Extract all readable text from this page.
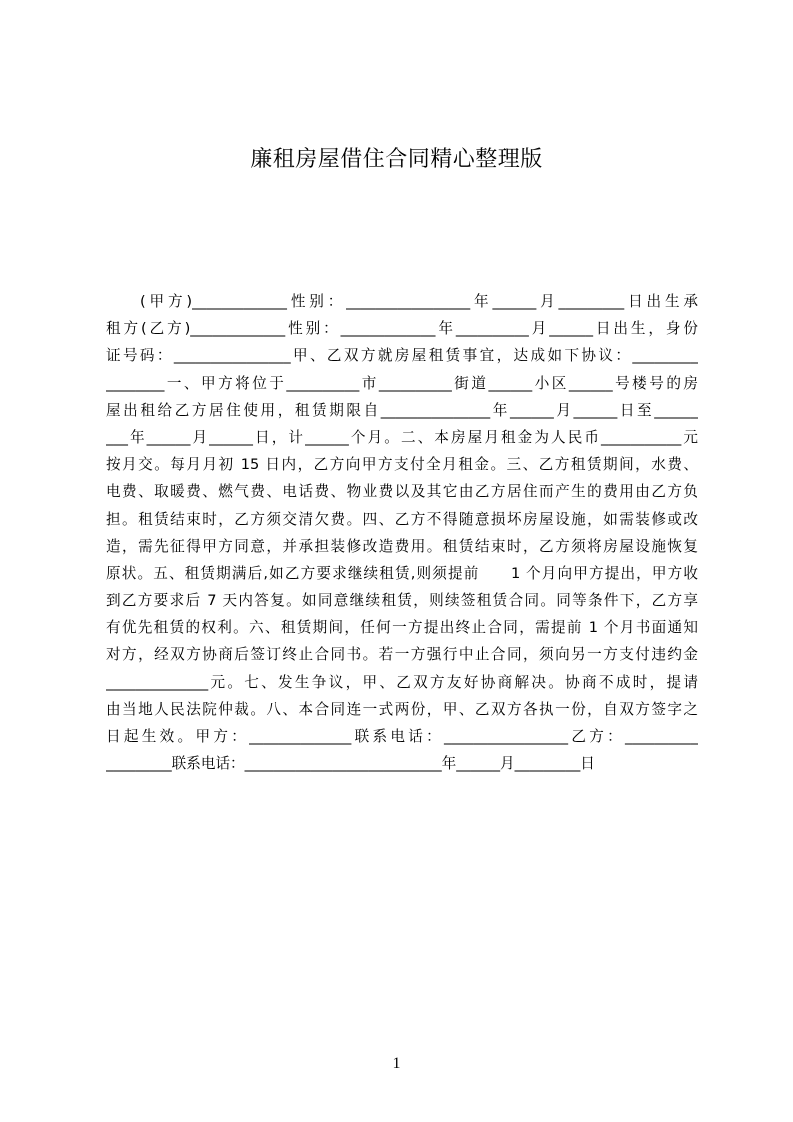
廉租房屋借住合同精心整理版
(甲方)_____________性别：_________________年______月_________日出生承
租方(乙方)_____________性别：_____________年__________月______日出生，身份
证号码：________________甲、乙双方就房屋租赁事宜，达成如下协议：_________
________一、甲方将位于__________市__________街道______小区______号楼号的房
屋出租给乙方居住使用，租赁期限自_______________年______月______日至______
___年______月______日，计______个月。二、本房屋月租金为人民币___________元
按月交。每月月初 15 日内，乙方向甲方支付全月租金。三、乙方租赁期间，水费、
电费、取暖费、燃气费、电话费、物业费以及其它由乙方居住而产生的费用由乙方负
担。租赁结束时，乙方须交清欠费。四、乙方不得随意损坏房屋设施，如需装修或改
造，需先征得甲方同意，并承担装修改造费用。租赁结束时，乙方须将房屋设施恢复
原状。五、租赁期满后,如乙方要求继续租赁,则须提前　　1 个月向甲方提出，甲方收
到乙方要求后 7 天内答复。如同意继续租赁，则续签租赁合同。同等条件下，乙方享
有优先租赁的权利。六、租赁期间，任何一方提出终止合同，需提前 1 个月书面通知
对方，经双方协商后签订终止合同书。若一方强行中止合同，须向另一方支付违约金
______________元。七、发生争议，甲、乙双方友好协商解决。协商不成时，提请
由当地人民法院仲裁。八、本合同连一式两份，甲、乙双方各执一份，自双方签字之
日起生效。甲方：______________联系电话：_________________乙方：__________
_________联系电话：___________________________年______月_________日
1
